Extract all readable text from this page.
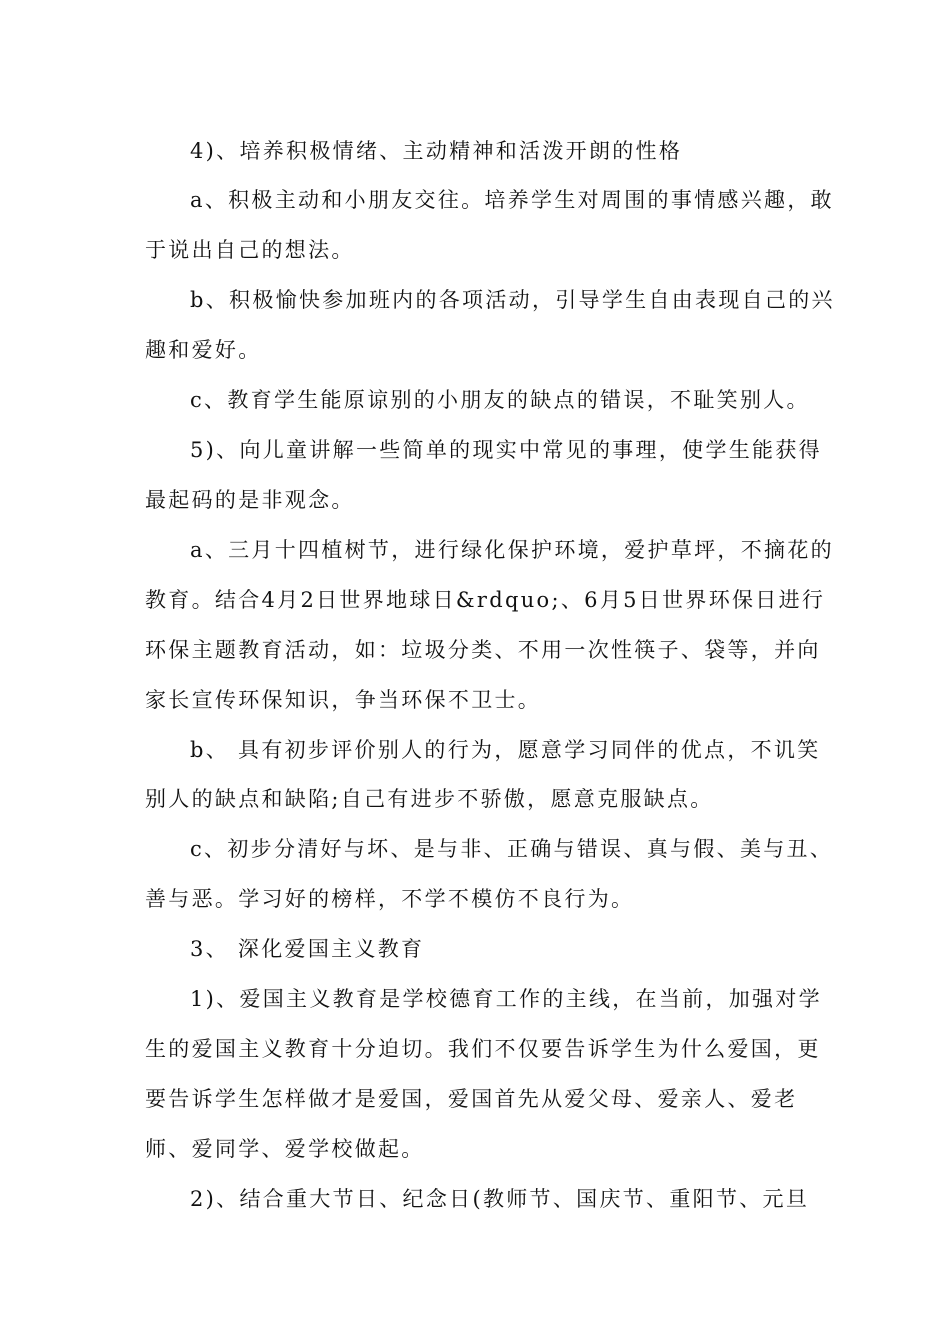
4)、培养积极情绪、主动精神和活泼开朗的性格
a、积极主动和小朋友交往。培养学生对周围的事情感兴趣，敢
于说出自己的想法。
b、积极愉快参加班内的各项活动，引导学生自由表现自己的兴
趣和爱好。
c、教育学生能原谅别的小朋友的缺点的错误，不耻笑别人。
5)、向儿童讲解一些简单的现实中常见的事理，使学生能获得
最起码的是非观念。
a、三月十四植树节，进行绿化保护环境，爱护草坪，不摘花的
教育。结合4月2日世界地球日&rdquo;、6月5日世界环保日进行
环保主题教育活动，如：垃圾分类、不用一次性筷子、袋等，并向
家长宣传环保知识，争当环保不卫士。
b、 具有初步评价别人的行为，愿意学习同伴的优点，不讥笑
别人的缺点和缺陷;自己有进步不骄傲，愿意克服缺点。
c、初步分清好与坏、是与非、正确与错误、真与假、美与丑、
善与恶。学习好的榜样，不学不模仿不良行为。
3、 深化爱国主义教育
1)、爱国主义教育是学校德育工作的主线，在当前，加强对学
生的爱国主义教育十分迫切。我们不仅要告诉学生为什么爱国，更
要告诉学生怎样做才是爱国，爱国首先从爱父母、爱亲人、爱老
师、爱同学、爱学校做起。
2)、结合重大节日、纪念日(教师节、国庆节、重阳节、元旦
